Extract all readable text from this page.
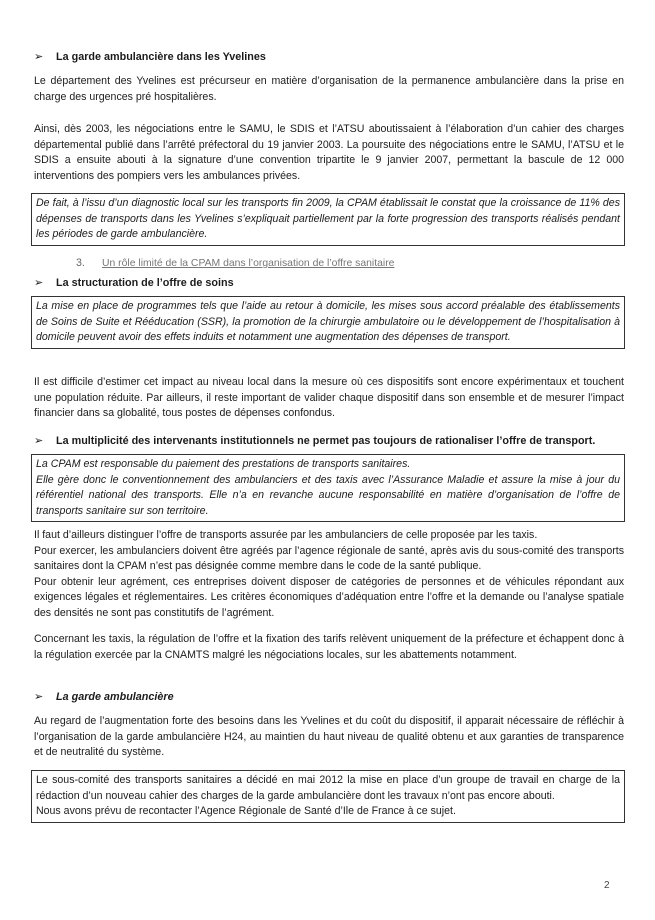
➢ La garde ambulancière dans les Yvelines
Le département des Yvelines est précurseur en matière d’organisation de la permanence ambulancière dans la prise en charge des urgences pré hospitalières.
Ainsi, dès 2003, les négociations entre le SAMU, le SDIS et l’ATSU aboutissaient à l’élaboration d’un cahier des charges départemental publié dans l’arrêté préfectoral du 19 janvier 2003. La poursuite des négociations entre le SAMU, l’ATSU et le SDIS a ensuite abouti à la signature d’une convention tripartite le 9 janvier 2007, permettant la bascule de 12 000 interventions des pompiers vers les ambulances privées.
De fait, à l’issu d’un diagnostic local sur les transports fin 2009, la CPAM établissait le constat que la croissance de 11% des dépenses de transports dans les Yvelines s’expliquait partiellement par la forte progression des transports réalisés pendant les périodes de garde ambulancière.
3. Un rôle limité de la CPAM dans l’organisation de l’offre sanitaire
➢ La structuration de l’offre de soins
La mise en place de programmes tels que l’aide au retour à domicile, les mises sous accord préalable des établissements de Soins de Suite et Rééducation (SSR), la promotion de la chirurgie ambulatoire ou le développement de l’hospitalisation à domicile peuvent avoir des effets induits et notamment une augmentation des dépenses de transport.
Il est difficile d’estimer cet impact au niveau local dans la mesure où ces dispositifs sont encore expérimentaux et touchent une population réduite. Par ailleurs, il reste important de valider chaque dispositif dans son ensemble et de mesurer l’impact financier dans sa globalité, tous postes de dépenses confondus.
➢ La multiplicité des intervenants institutionnels ne permet pas toujours de rationaliser l’offre de transport.
La CPAM est responsable du paiement des prestations de transports sanitaires.
Elle gère donc le conventionnement des ambulanciers et des taxis avec l’Assurance Maladie et assure la mise à jour du référentiel national des transports. Elle n’a en revanche aucune responsabilité en matière d’organisation de l’offre de transports sanitaire sur son territoire.
Il faut d’ailleurs distinguer l’offre de transports assurée par les ambulanciers de celle proposée par les taxis.
Pour exercer, les ambulanciers doivent être agréés par l’agence régionale de santé, après avis du sous-comité des transports sanitaires dont la CPAM n’est pas désignée comme membre dans le code de la santé publique.
Pour obtenir leur agrément, ces entreprises doivent disposer de catégories de personnes et de véhicules répondant aux exigences légales et réglementaires. Les critères économiques d’adéquation entre l’offre et la demande ou l’analyse spatiale des densités ne sont pas constitutifs de l’agrément.
Concernant les taxis, la régulation de l’offre et la fixation des tarifs relèvent uniquement de la préfecture et échappent donc à la régulation exercée par la CNAMTS malgré les négociations locales, sur les abattements notamment.
➢ La garde ambulancière
Au regard de l’augmentation forte des besoins dans les Yvelines et du coût du dispositif, il apparait nécessaire de réfléchir à l’organisation de la garde ambulancière H24, au maintien du haut niveau de qualité obtenu et aux garanties de transparence et de neutralité du système.
Le sous-comité des transports sanitaires a décidé en mai 2012 la mise en place d’un groupe de travail en charge de la rédaction d’un nouveau cahier des charges de la garde ambulancière dont les travaux n’ont pas encore abouti.
Nous avons prévu de recontacter l’Agence Régionale de Santé d’Ile de France à ce sujet.
2
